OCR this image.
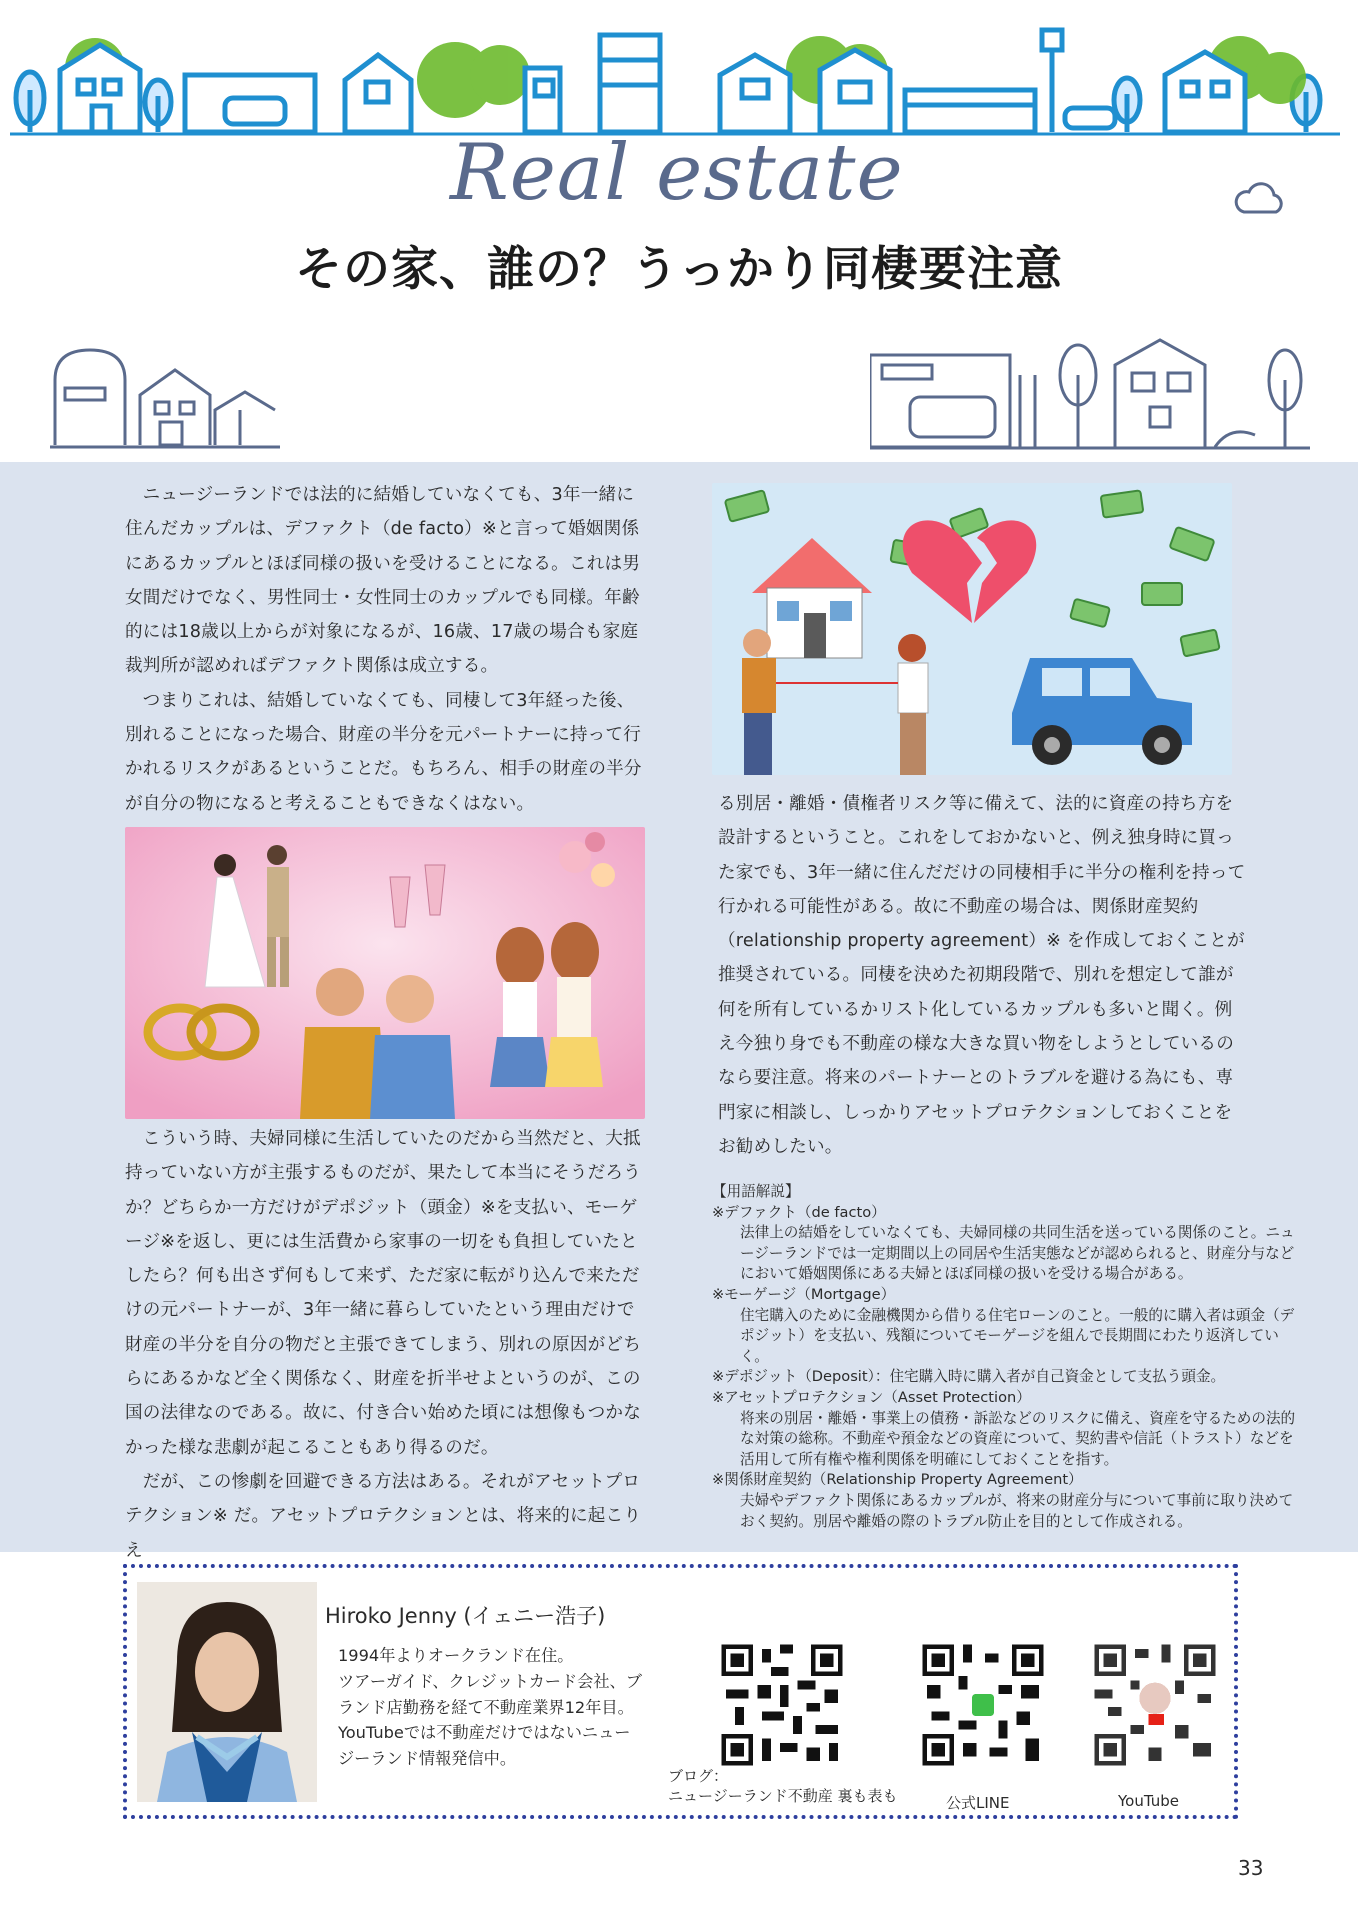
Real estate
その家、誰の？うっかり同棲要注意

ニュージーランドでは法的に結婚していなくても、3年一緒に住んだカップルは、デファクト（de facto）※と言って婚姻関係にあるカップルとほぼ同様の扱いを受けることになる。これは男女間だけでなく、男性同士・女性同士のカップルでも同様。年齢的には18歳以上からが対象になるが、16歳、17歳の場合も家庭裁判所が認めればデファクト関係は成立する。

つまりこれは、結婚していなくても、同棲して3年経った後、別れることになった場合、財産の半分を元パートナーに持って行かれるリスクがあるということだ。もちろん、相手の財産の半分が自分の物になると考えることもできなくはない。

こういう時、夫婦同様に生活していたのだから当然だと、大抵持っていない方が主張するものだが、果たして本当にそうだろうか？どちらか一方だけがデポジット（頭金）※を支払い、モーゲージ※を返し、更には生活費から家事の一切をも負担していたとしたら？何も出さず何もして来ず、ただ家に転がり込んで来ただけの元パートナーが、3年一緒に暮らしていたという理由だけで財産の半分を自分の物だと主張できてしまう、別れの原因がどちらにあるかなど全く関係なく、財産を折半せよというのが、この国の法律なのである。故に、付き合い始めた頃には想像もつかなかった様な悲劇が起こることもあり得るのだ。

だが、この惨劇を回避できる方法はある。それがアセットプロテクション※ だ。アセットプロテクションとは、将来的に起こりえ

る別居・離婚・債権者リスク等に備えて、法的に資産の持ち方を設計するということ。これをしておかないと、例え独身時に買った家でも、3年一緒に住んだだけの同棲相手に半分の権利を持って行かれる可能性がある。故に不動産の場合は、関係財産契約（relationship property agreement）※ を作成しておくことが推奨されている。同棲を決めた初期段階で、別れを想定して誰が何を所有しているかリスト化しているカップルも多いと聞く。例え今独り身でも不動産の様な大きな買い物をしようとしているのなら要注意。将来のパートナーとのトラブルを避ける為にも、専門家に相談し、しっかりアセットプロテクションしておくことをお勧めしたい。

【用語解説】

※デファクト（de facto）

法律上の結婚をしていなくても、夫婦同様の共同生活を送っている関係のこと。ニュージーランドでは一定期間以上の同居や生活実態などが認められると、財産分与などにおいて婚姻関係にある夫婦とほぼ同様の扱いを受ける場合がある。

※モーゲージ（Mortgage）

住宅購入のために金融機関から借りる住宅ローンのこと。一般的に購入者は頭金（デポジット）を支払い、残額についてモーゲージを組んで長期間にわたり返済していく。

※デポジット（Deposit）：住宅購入時に購入者が自己資金として支払う頭金。

※アセットプロテクション（Asset Protection）

将来の別居・離婚・事業上の債務・訴訟などのリスクに備え、資産を守るための法的な対策の総称。不動産や預金などの資産について、契約書や信託（トラスト）などを活用して所有権や権利関係を明確にしておくことを指す。

※関係財産契約（Relationship Property Agreement）

夫婦やデファクト関係にあるカップルが、将来の財産分与について事前に取り決めておく契約。別居や離婚の際のトラブル防止を目的として作成される。

Hiroko Jenny (イェニー浩子)
1994年よりオークランド在住。
ツアーガイド、クレジットカード会社、ブ
ランド店勤務を経て不動産業界12年目。
YouTubeでは不動産だけではないニュー
ジーランド情報発信中。
ブログ：
ニュージーランド不動産 裏も表も	公式LINE	YouTube
33
